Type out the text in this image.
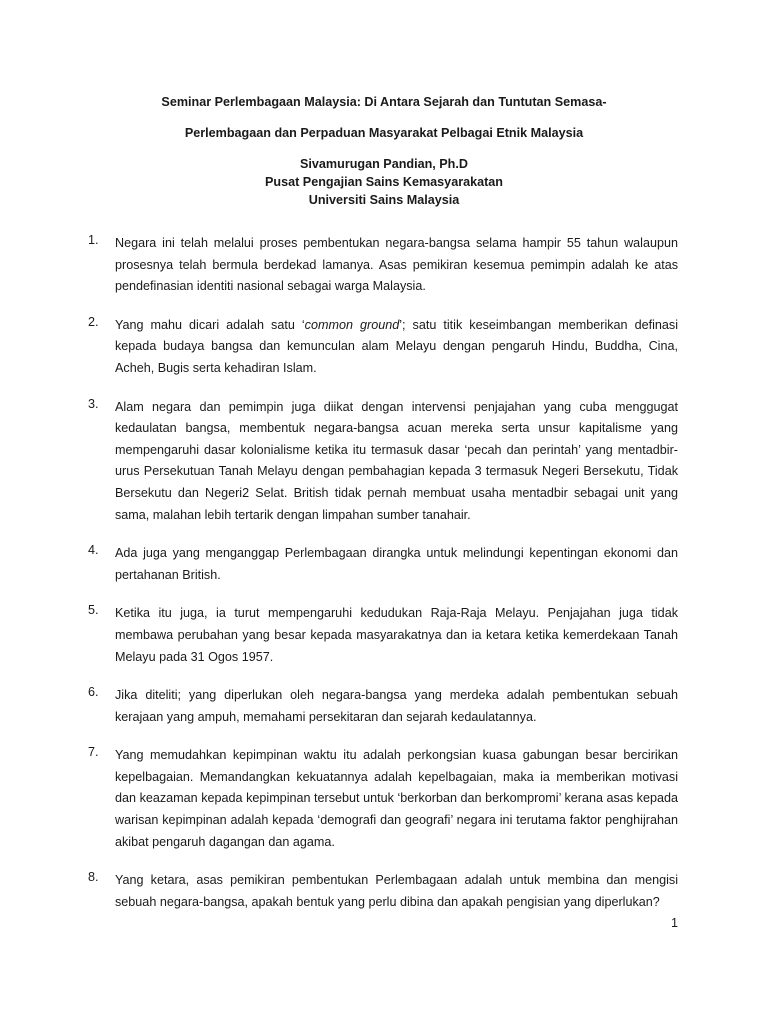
Seminar Perlembagaan Malaysia: Di Antara Sejarah dan Tuntutan Semasa-

Perlembagaan dan Perpaduan Masyarakat Pelbagai Etnik Malaysia

Sivamurugan Pandian, Ph.D
Pusat Pengajian Sains Kemasyarakatan
Universiti Sains Malaysia
1. Negara ini telah melalui proses pembentukan negara-bangsa selama hampir 55 tahun walaupun prosesnya telah bermula berdekad lamanya. Asas pemikiran kesemua pemimpin adalah ke atas pendefinasian identiti nasional sebagai warga Malaysia.

2. Yang mahu dicari adalah satu ‘common ground’; satu titik keseimbangan memberikan definasi kepada budaya bangsa dan kemunculan alam Melayu dengan pengaruh Hindu, Buddha, Cina, Acheh, Bugis serta kehadiran Islam.

3. Alam negara dan pemimpin juga diikat dengan intervensi penjajahan yang cuba menggugat kedaulatan bangsa, membentuk negara-bangsa acuan mereka serta unsur kapitalisme yang mempengaruhi dasar kolonialisme ketika itu termasuk dasar ‘pecah dan perintah’ yang mentadbir-urus Persekutuan Tanah Melayu dengan pembahagian kepada 3 termasuk Negeri Bersekutu, Tidak Bersekutu dan Negeri2 Selat. British tidak pernah membuat usaha mentadbir sebagai unit yang sama, malahan lebih tertarik dengan limpahan sumber tanahair.

4. Ada juga yang menganggap Perlembagaan dirangka untuk melindungi kepentingan ekonomi dan pertahanan British.

5. Ketika itu juga, ia turut mempengaruhi kedudukan Raja-Raja Melayu. Penjajahan juga tidak membawa perubahan yang besar kepada masyarakatnya dan ia ketara ketika kemerdekaan Tanah Melayu pada 31 Ogos 1957.

6. Jika diteliti; yang diperlukan oleh negara-bangsa yang merdeka adalah pembentukan sebuah kerajaan yang ampuh, memahami persekitaran dan sejarah kedaulatannya.

7. Yang memudahkan kepimpinan waktu itu adalah perkongsian kuasa gabungan besar bercirikan kepelbagaian. Memandangkan kekuatannya adalah kepelbagaian, maka ia memberikan motivasi dan keazaman kepada kepimpinan tersebut untuk ‘berkorban dan berkompromi’ kerana asas kepada warisan kepimpinan adalah kepada ‘demografi dan geografi’ negara ini terutama faktor penghijrahan akibat pengaruh dagangan dan agama.

8. Yang ketara, asas pemikiran pembentukan Perlembagaan adalah untuk membina dan mengisi sebuah negara-bangsa, apakah bentuk yang perlu dibina dan apakah pengisian yang diperlukan?

1
